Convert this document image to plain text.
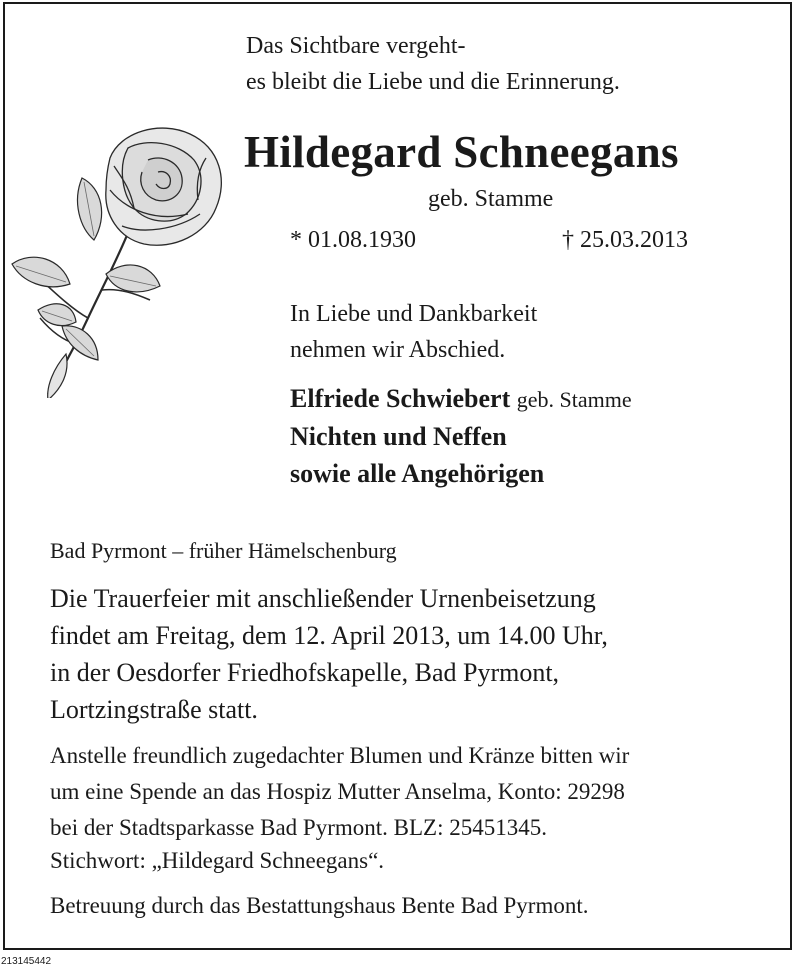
Das Sichtbare vergeht-
es bleibt die Liebe und die Erinnerung.
Hildegard Schneegans
geb. Stamme
* 01.08.1930	† 25.03.2013
In Liebe und Dankbarkeit
nehmen wir Abschied.
Elfriede Schwiebert geb. Stamme
Nichten und Neffen
sowie alle Angehörigen
Bad Pyrmont – früher Hämelschenburg
Die Trauerfeier mit anschließender Urnenbeisetzung
findet am Freitag, dem 12. April 2013, um 14.00 Uhr,
in der Oesdorfer Friedhofskapelle, Bad Pyrmont,
Lortzingstraße statt.
Anstelle freundlich zugedachter Blumen und Kränze bitten wir
um eine Spende an das Hospiz Mutter Anselma, Konto: 29298
bei der Stadtsparkasse Bad Pyrmont. BLZ: 25451345.
Stichwort: „Hildegard Schneegans“.
Betreuung durch das Bestattungshaus Bente Bad Pyrmont.
213145442
